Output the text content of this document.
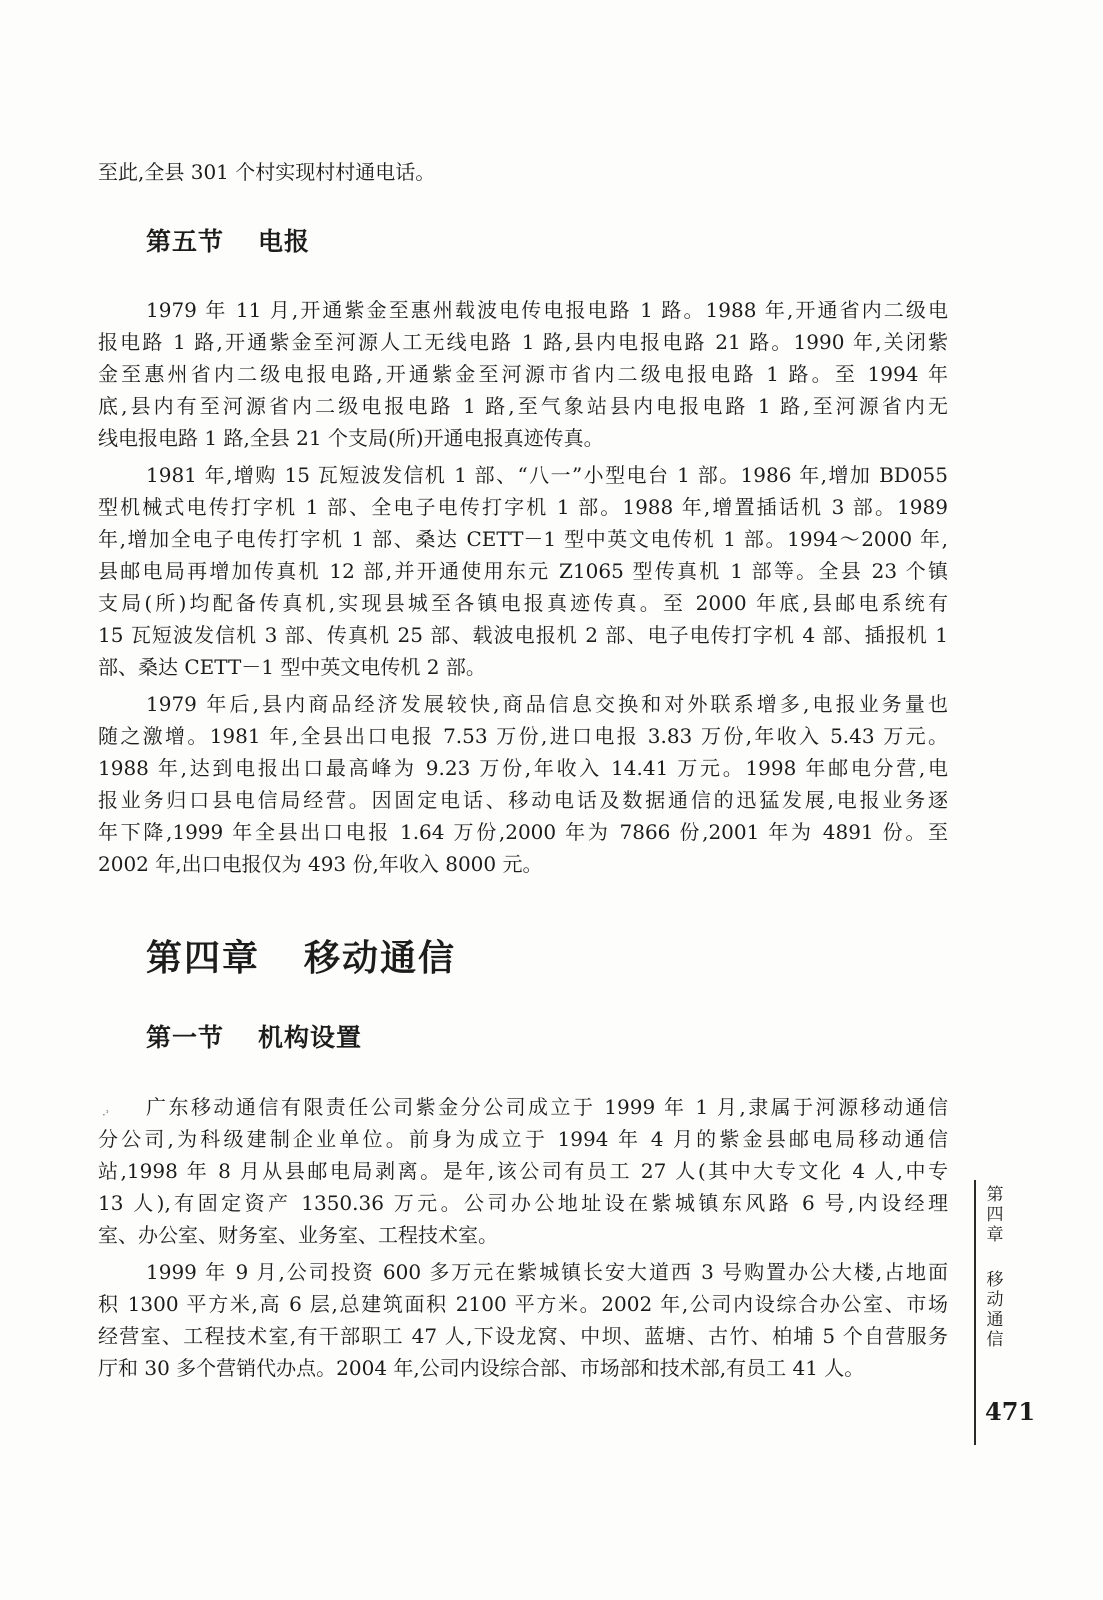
至此,全县 301 个村实现村村通电话。
第五节 电报
1979 年 11 月,开通紫金至惠州载波电传电报电路 1 路。1988 年,开通省内二级电
报电路 1 路,开通紫金至河源人工无线电路 1 路,县内电报电路 21 路。1990 年,关闭紫
金至惠州省内二级电报电路,开通紫金至河源市省内二级电报电路 1 路。至 1994 年
底,县内有至河源省内二级电报电路 1 路,至气象站县内电报电路 1 路,至河源省内无
线电报电路 1 路,全县 21 个支局(所)开通电报真迹传真。
1981 年,增购 15 瓦短波发信机 1 部、“八一”小型电台 1 部。1986 年,增加 BD055
型机械式电传打字机 1 部、全电子电传打字机 1 部。1988 年,增置插话机 3 部。1989
年,增加全电子电传打字机 1 部、桑达 CETT－1 型中英文电传机 1 部。1994～2000 年,
县邮电局再增加传真机 12 部,并开通使用东元 Z1065 型传真机 1 部等。全县 23 个镇
支局(所)均配备传真机,实现县城至各镇电报真迹传真。至 2000 年底,县邮电系统有
15 瓦短波发信机 3 部、传真机 25 部、载波电报机 2 部、电子电传打字机 4 部、插报机 1
部、桑达 CETT－1 型中英文电传机 2 部。
1979 年后,县内商品经济发展较快,商品信息交换和对外联系增多,电报业务量也
随之激增。1981 年,全县出口电报 7.53 万份,进口电报 3.83 万份,年收入 5.43 万元。
1988 年,达到电报出口最高峰为 9.23 万份,年收入 14.41 万元。1998 年邮电分营,电
报业务归口县电信局经营。因固定电话、移动电话及数据通信的迅猛发展,电报业务逐
年下降,1999 年全县出口电报 1.64 万份,2000 年为 7866 份,2001 年为 4891 份。至
2002 年,出口电报仅为 493 份,年收入 8000 元。
第四章 移动通信
第一节 机构设置
·ʾ 广东移动通信有限责任公司紫金分公司成立于 1999 年 1 月,隶属于河源移动通信
分公司,为科级建制企业单位。前身为成立于 1994 年 4 月的紫金县邮电局移动通信
站,1998 年 8 月从县邮电局剥离。是年,该公司有员工 27 人(其中大专文化 4 人,中专
13 人),有固定资产 1350.36 万元。公司办公地址设在紫城镇东风路 6 号,内设经理
室、办公室、财务室、业务室、工程技术室。
1999 年 9 月,公司投资 600 多万元在紫城镇长安大道西 3 号购置办公大楼,占地面
积 1300 平方米,高 6 层,总建筑面积 2100 平方米。2002 年,公司内设综合办公室、市场
经营室、工程技术室,有干部职工 47 人,下设龙窝、中坝、蓝塘、古竹、柏埔 5 个自营服务
厅和 30 多个营销代办点。2004 年,公司内设综合部、市场部和技术部,有员工 41 人。
第四章
移动通信
471
